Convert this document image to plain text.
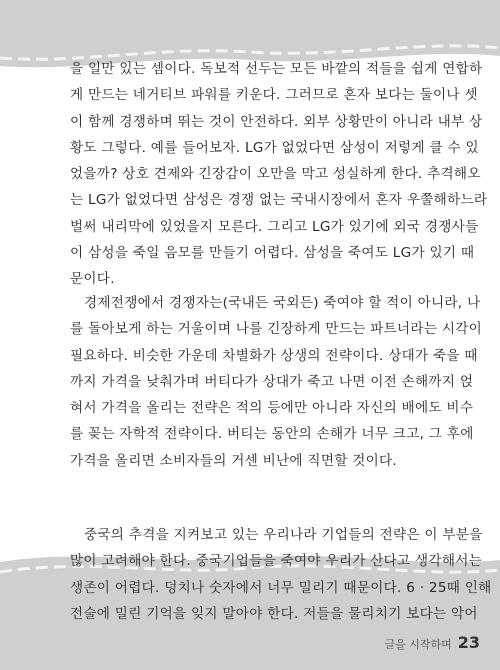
을 일만 있는 셈이다. 독보적 선두는 모든 바깥의 적들을 쉽게 연합하

게 만드는 네거티브 파워를 키운다. 그러므로 혼자 보다는 둘이나 셋

이 함께 경쟁하며 뛰는 것이 안전하다. 외부 상황만이 아니라 내부 상

황도 그렇다. 예를 들어보자. LG가 없었다면 삼성이 저렇게 클 수 있

었을까? 상호 견제와 긴장감이 오만을 막고 성실하게 한다. 추격해오

는 LG가 없었다면 삼성은 경쟁 없는 국내시장에서 혼자 우쭐해하느라

벌써 내리막에 있었을지 모른다. 그리고 LG가 있기에 외국 경쟁사들

이 삼성을 죽일 음모를 만들기 어렵다. 삼성을 죽여도 LG가 있기 때

문이다.

경제전쟁에서 경쟁자는(국내든 국외든) 죽여야 할 적이 아니라, 나

를 돌아보게 하는 거울이며 나를 긴장하게 만드는 파트너라는 시각이

필요하다. 비슷한 가운데 차별화가 상생의 전략이다. 상대가 죽을 때

까지 가격을 낮춰가며 버티다가 상대가 죽고 나면 이전 손해까지 얹

혀서 가격을 올리는 전략은 적의 등에만 아니라 자신의 배에도 비수

를 꽂는 자학적 전략이다. 버티는 동안의 손해가 너무 크고, 그 후에

가격을 올리면 소비자들의 거센 비난에 직면할 것이다.

중국의 추격을 지켜보고 있는 우리나라 기업들의 전략은 이 부분을

많이 고려해야 한다. 중국기업들을 죽여야 우리가 산다고 생각해서는

생존이 어렵다. 덩치나 숫자에서 너무 밀리기 때문이다. 6 · 25때 인해

전술에 밀린 기억을 잊지 말아야 한다. 저들을 물리치기 보다는 악어

글을 시작하며 23
